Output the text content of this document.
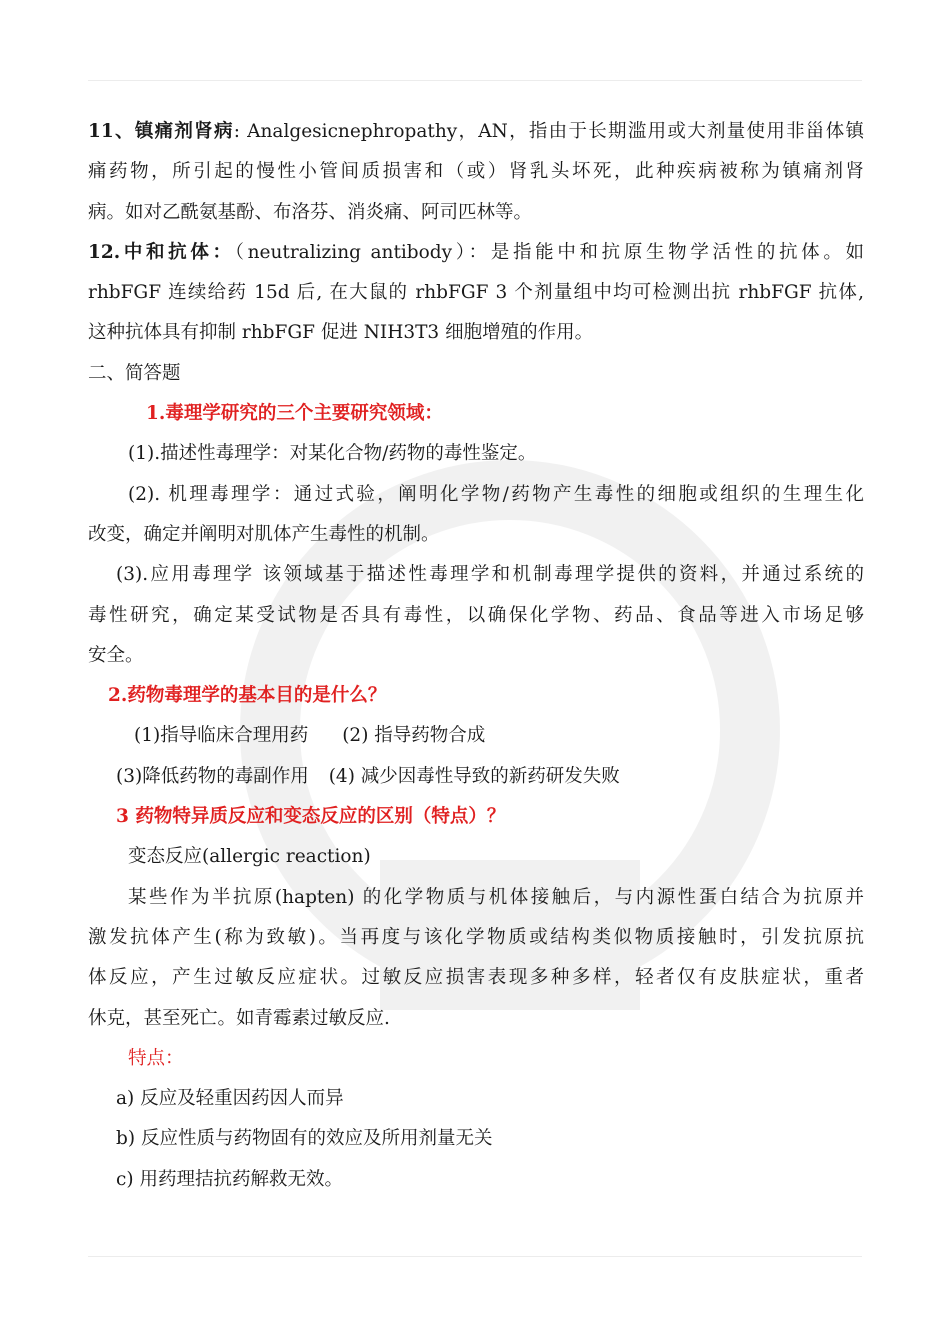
11、镇痛剂肾病: Analgesicnephropathy，AN，指由于长期滥用或大剂量使用非甾体镇
痛药物，所引起的慢性小管间质损害和（或）肾乳头坏死，此种疾病被称为镇痛剂肾
病。如对乙酰氨基酚、布洛芬、消炎痛、阿司匹林等。
12.中和抗体：（neutralizing antibody）：是指能中和抗原生物学活性的抗体。如
rhbFGF 连续给药 15d 后, 在大鼠的 rhbFGF 3 个剂量组中均可检测出抗 rhbFGF 抗体,
这种抗体具有抑制 rhbFGF 促进 NIH3T3 细胞增殖的作用。
二、简答题
1.毒理学研究的三个主要研究领域：
(1).描述性毒理学：对某化合物/药物的毒性鉴定。
(2). 机理毒理学：通过式验，阐明化学物/药物产生毒性的细胞或组织的生理生化
改变，确定并阐明对肌体产生毒性的机制。
(3).应用毒理学 该领域基于描述性毒理学和机制毒理学提供的资料，并通过系统的
毒性研究，确定某受试物是否具有毒性，以确保化学物、药品、食品等进入市场足够
安全。
2.药物毒理学的基本目的是什么？
(1)指导临床合理用药 (2) 指导药物合成
(3)降低药物的毒副作用 (4) 减少因毒性导致的新药研发失败
3 药物特异质反应和变态反应的区别（特点）？
变态反应(allergic reaction)
某些作为半抗原(hapten) 的化学物质与机体接触后，与内源性蛋白结合为抗原并
激发抗体产生(称为致敏)。当再度与该化学物质或结构类似物质接触时，引发抗原抗
体反应，产生过敏反应症状。过敏反应损害表现多种多样，轻者仅有皮肤症状，重者
休克，甚至死亡。如青霉素过敏反应.
特点：
a) 反应及轻重因药因人而异
b) 反应性质与药物固有的效应及所用剂量无关
c) 用药理拮抗药解救无效。
